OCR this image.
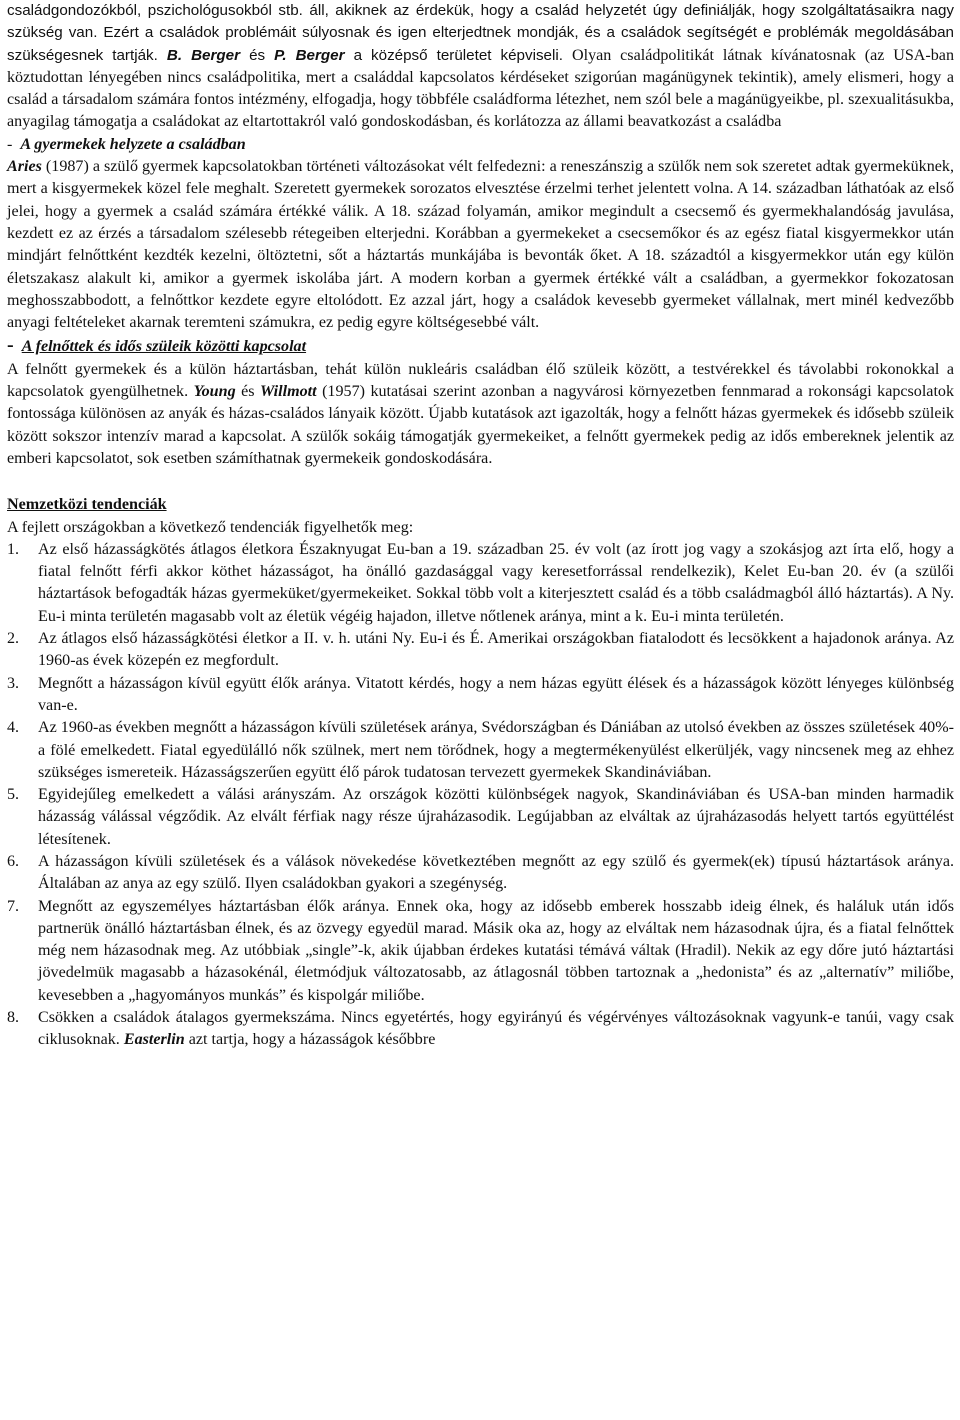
családgondozókból, pszichológusokból stb. áll, akiknek az érdekük, hogy a család helyzetét úgy definiálják, hogy szolgáltatásaikra nagy szükség van. Ezért a családok problémáit súlyosnak és igen elterjedtnek mondják, és a családok segítségét e problémák megoldásában szükségesnek tartják. B. Berger és P. Berger a középső területet képviseli. Olyan családpolitikát látnak kívánatosnak (az USA-ban köztudottan lényegében nincs családpolitika, mert a családdal kapcsolatos kérdéseket szigorúan magánügynek tekintik), amely elismeri, hogy a család a társadalom számára fontos intézmény, elfogadja, hogy többféle családforma létezhet, nem szól bele a magánügyeikbe, pl. szexualitásukba, anyagilag támogatja a családokat az eltartottakról való gondoskodásban, és korlátozza az állami beavatkozást a családba

- A gyermekek helyzete a családban

Aries (1987) a szülő gyermek kapcsolatokban történeti változásokat vélt felfedezni: a reneszánszig a szülők nem sok szeretet adtak gyermeküknek, mert a kisgyermekek közel fele meghalt. Szeretett gyermekek sorozatos elvesztése érzelmi terhet jelentett volna. A 14. században láthatóak az első jelei, hogy a gyermek a család számára értékké válik. A 18. század folyamán, amikor megindult a csecsemő és gyermekhalandóság javulása, kezdett ez az érzés a társadalom szélesebb rétegeiben elterjedni. Korábban a gyermekeket a csecsemőkor és az egész fiatal kisgyermekkor után mindjárt felnőttként kezdték kezelni, öltöztetni, sőt a háztartás munkájába is bevonták őket. A 18. századtól a kisgyermekkor után egy külön életszakasz alakult ki, amikor a gyermek iskolába járt. A modern korban a gyermek értékké vált a családban, a gyermekkor fokozatosan meghosszabbodott, a felnőttkor kezdete egyre eltolódott. Ez azzal járt, hogy a családok kevesebb gyermeket vállalnak, mert minél kedvezőbb anyagi feltételeket akarnak teremteni számukra, ez pedig egyre költségesebbé vált.

- A felnőttek és idős szüleik közötti kapcsolat

A felnőtt gyermekek és a külön háztartásban, tehát külön nukleáris családban élő szüleik között, a testvérekkel és távolabbi rokonokkal a kapcsolatok gyengülhetnek. Young és Willmott (1957) kutatásai szerint azonban a nagyvárosi környezetben fennmarad a rokonsági kapcsolatok fontossága különösen az anyák és házas-családos lányaik között. Újabb kutatások azt igazolták, hogy a felnőtt házas gyermekek és idősebb szüleik között sokszor intenzív marad a kapcsolat. A szülők sokáig támogatják gyermekeiket, a felnőtt gyermekek pedig az idős embereknek jelentik az emberi kapcsolatot, sok esetben számíthatnak gyermekeik gondoskodására.

Nemzetközi tendenciák

A fejlett országokban a következő tendenciák figyelhetők meg:

1. Az első házasságkötés átlagos életkora Északnyugat Eu-ban a 19. században 25. év volt (az írott jog vagy a szokásjog azt írta elő, hogy a fiatal felnőtt férfi akkor köthet házasságot, ha önálló gazdasággal vagy keresetforrással rendelkezik), Kelet Eu-ban 20. év (a szülői háztartások befogadták házas gyermeküket/gyermekeiket. Sokkal több volt a kiterjesztett család és a több családmagból álló háztartás). A Ny. Eu-i minta területén magasabb volt az életük végéig hajadon, illetve nőtlenek aránya, mint a k. Eu-i minta területén.
2. Az átlagos első házasságkötési életkor a II. v. h. utáni Ny. Eu-i és É. Amerikai országokban fiatalodott és lecsökkent a hajadonok aránya. Az 1960-as évek közepén ez megfordult.
3. Megnőtt a házasságon kívül együtt élők aránya. Vitatott kérdés, hogy a nem házas együtt élések és a házasságok között lényeges különbség van-e.
4. Az 1960-as években megnőtt a házasságon kívüli születések aránya, Svédországban és Dániában az utolsó években az összes születések 40%-a fölé emelkedett. Fiatal egyedülálló nők szülnek, mert nem törődnek, hogy a megtermékenyülést elkerüljék, vagy nincsenek meg az ehhez szükséges ismereteik. Házasságszerűen együtt élő párok tudatosan tervezett gyermekek Skandináviában.
5. Egyidejűleg emelkedett a válási arányszám. Az országok közötti különbségek nagyok, Skandináviában és USA-ban minden harmadik házasság válással végződik. Az elvált férfiak nagy része újraházasodik. Legújabban az elváltak az újraházasodás helyett tartós együttélést létesítenek.
6. A házasságon kívüli születések és a válások növekedése következtében megnőtt az egy szülő és gyermek(ek) típusú háztartások aránya. Általában az anya az egy szülő. Ilyen családokban gyakori a szegénység.
7. Megnőtt az egyszemélyes háztartásban élők aránya. Ennek oka, hogy az idősebb emberek hosszabb ideig élnek, és haláluk után idős partnerük önálló háztartásban élnek, és az özvegy egyedül marad. Másik oka az, hogy az elváltak nem házasodnak újra, és a fiatal felnőttek még nem házasodnak meg. Az utóbbiak „single”-k, akik újabban érdekes kutatási témává váltak (Hradil). Nekik az egy dőre jutó háztartási jövedelmük magasabb a házasokénál, életmódjuk változatosabb, az átlagosnál többen tartoznak a „hedonista” és az „alternatív” miliőbe, kevesebben a „hagyományos munkás” és kispolgár miliőbe.
8. Csökken a családok átalagos gyermekszáma. Nincs egyetértés, hogy egyirányú és végérvényes változásoknak vagyunk-e tanúi, vagy csak ciklusoknak. Easterlin azt tartja, hogy a házasságok későbbre
